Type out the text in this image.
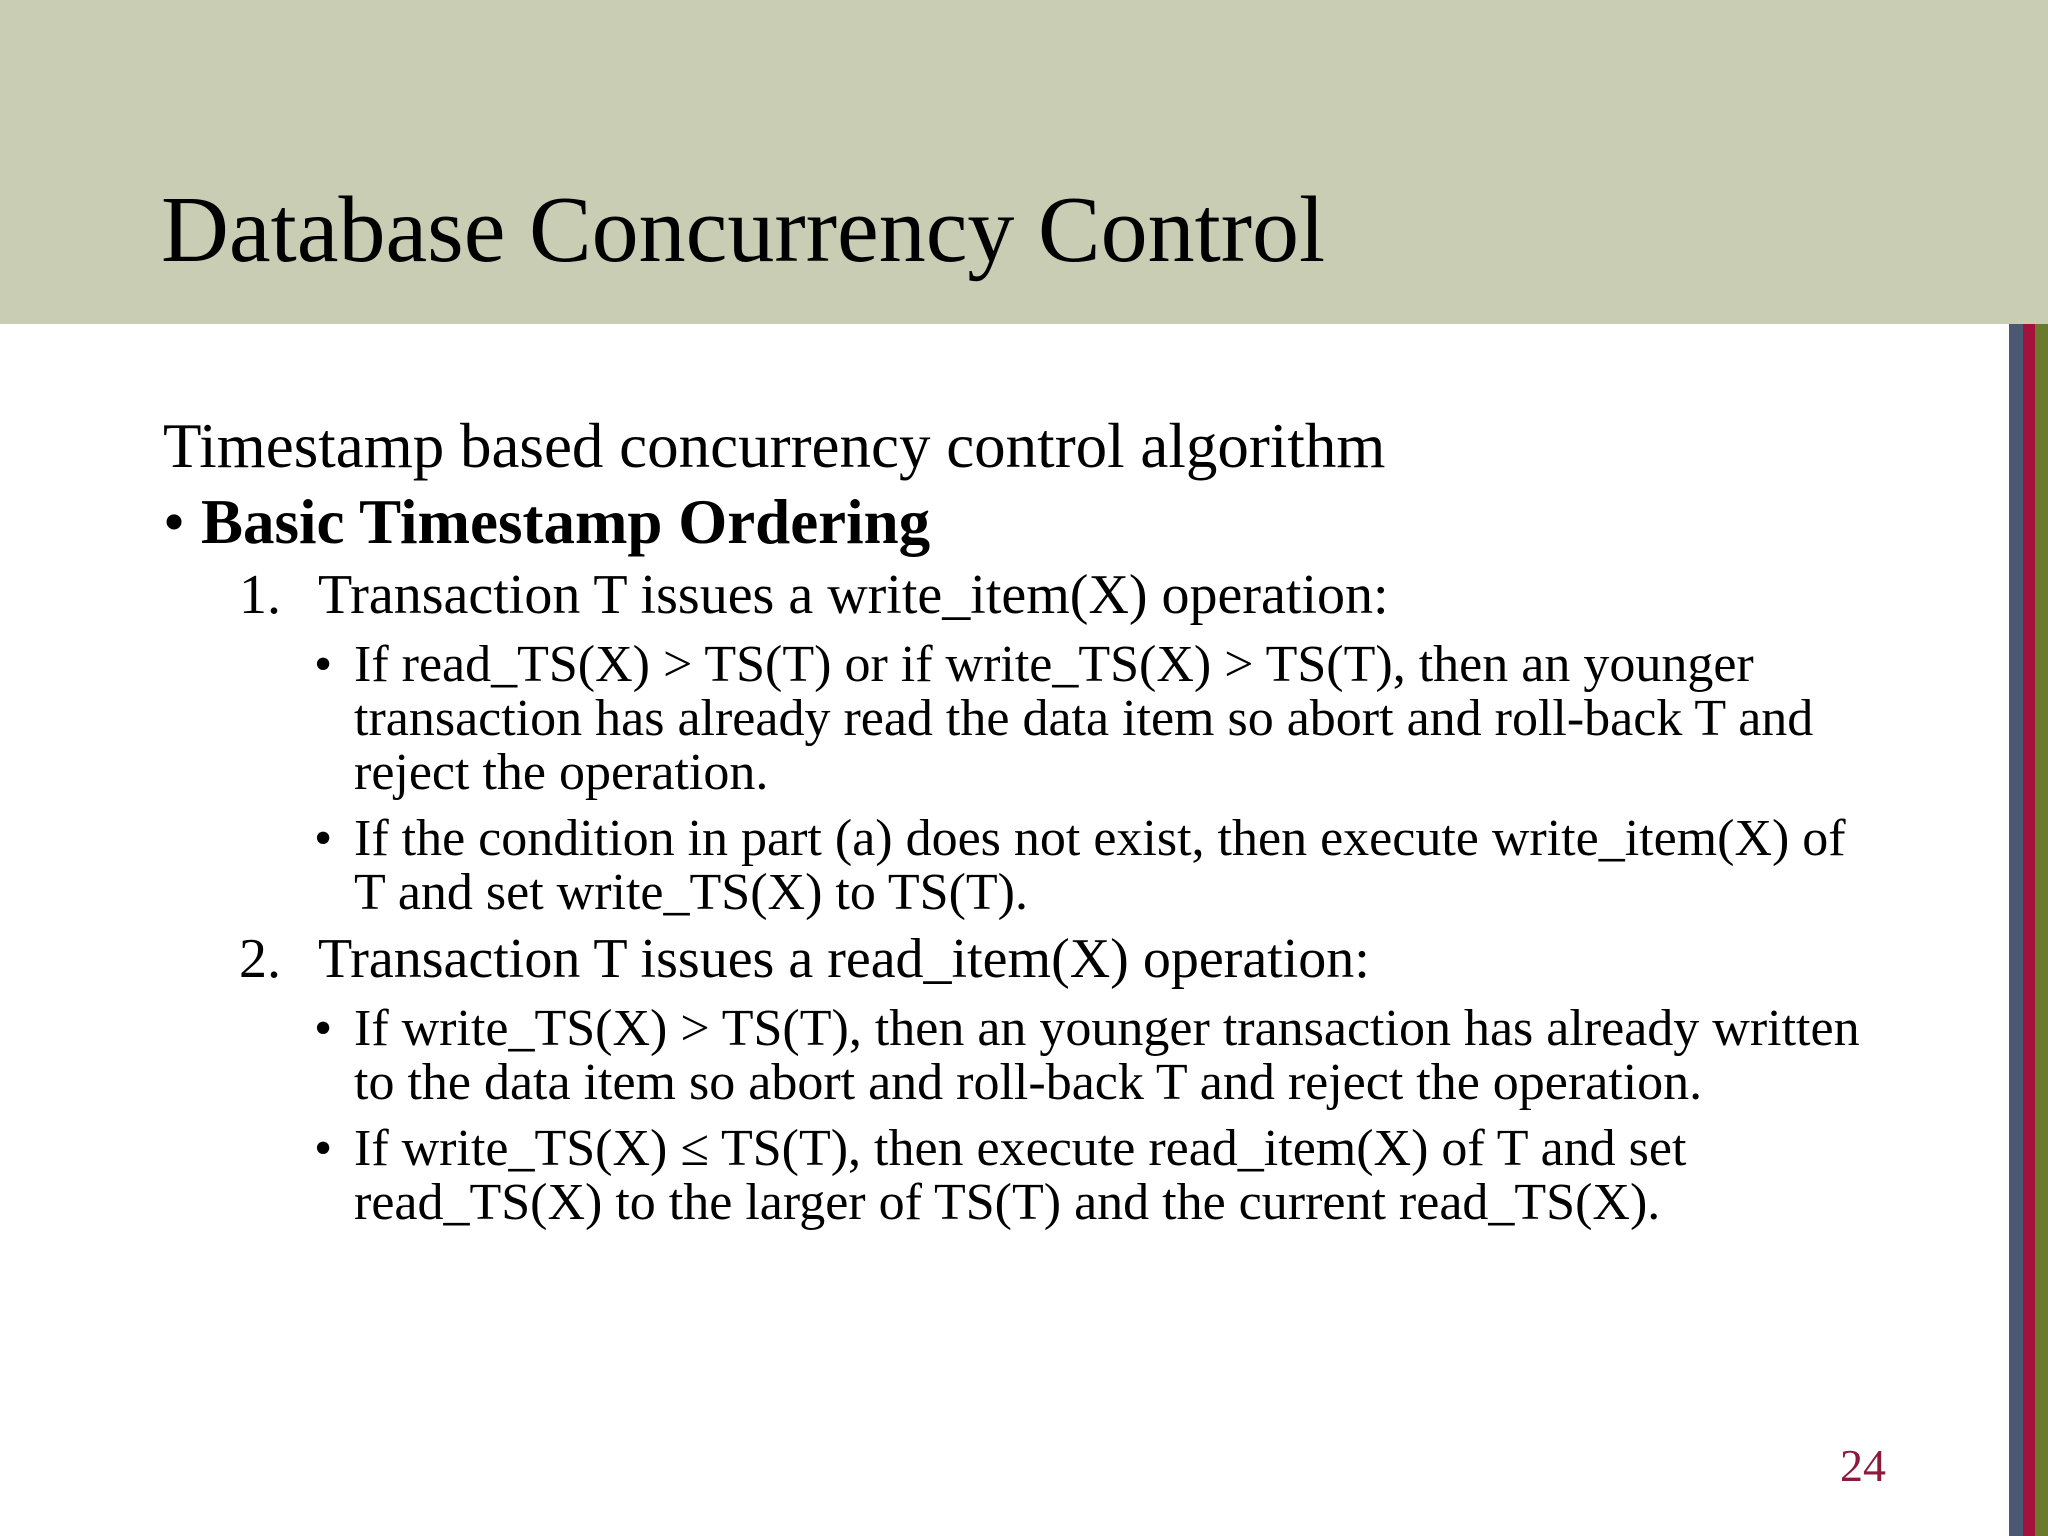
Database Concurrency Control

Timestamp based concurrency control algorithm

• Basic Timestamp Ordering
1. Transaction T issues a write_item(X) operation:
• If read_TS(X) > TS(T) or if write_TS(X) > TS(T), then an younger transaction has already read the data item so abort and roll-back T and reject the operation.
• If the condition in part (a) does not exist, then execute write_item(X) of T and set write_TS(X) to TS(T).
2. Transaction T issues a read_item(X) operation:
• If write_TS(X) > TS(T), then an younger transaction has already written to the data item so abort and roll-back T and reject the operation.
• If write_TS(X) ≤ TS(T), then execute read_item(X) of T and set read_TS(X) to the larger of TS(T) and the current read_TS(X).
24
